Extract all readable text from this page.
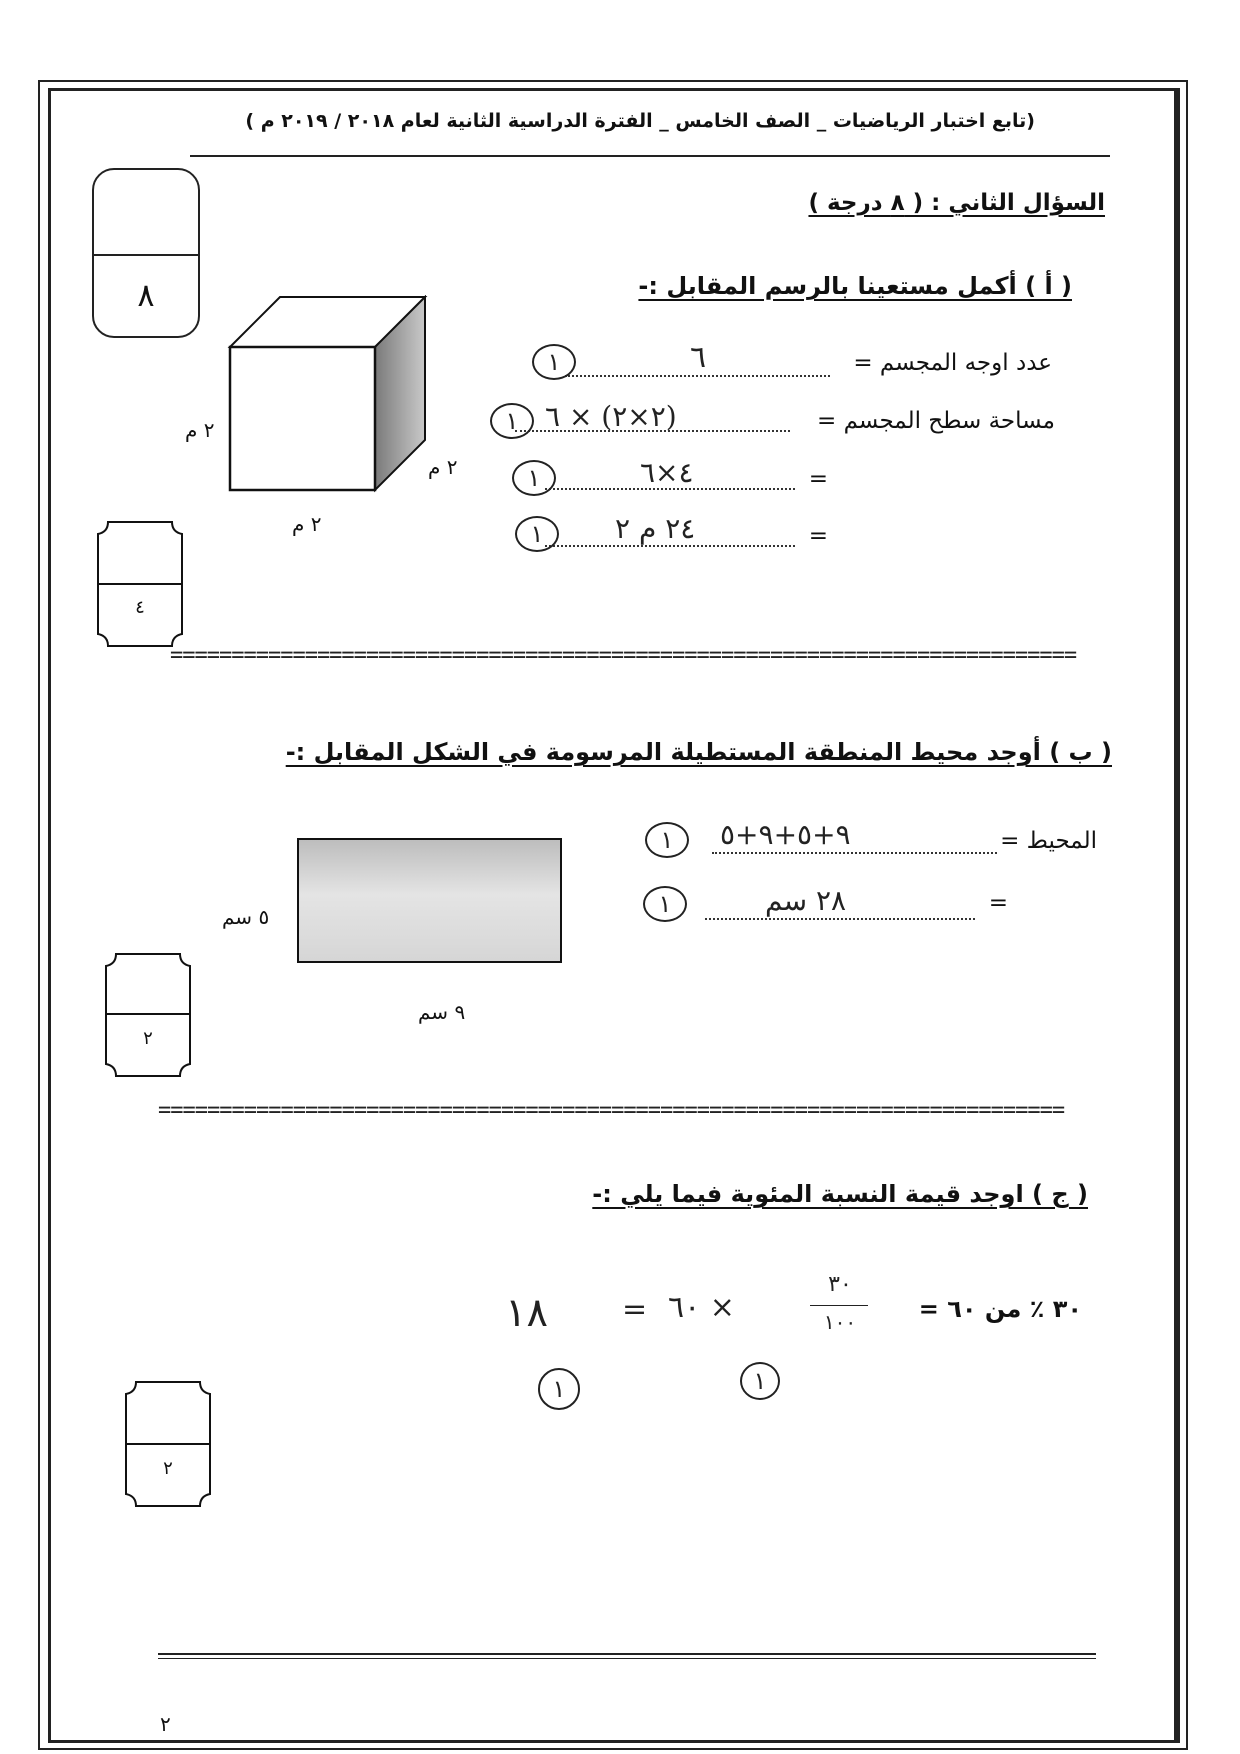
(تابع اختبار الرياضيات _ الصف الخامس _ الفترة الدراسية الثانية لعام ٢٠١٨ / ٢٠١٩ م )
السؤال الثاني : ( ٨ درجة )
٨	( أ ) أكمل مستعينا بالرسم المقابل :-
٢ م
٢ م
٢ م
عدد اوجه المجسم =
٦
١
مساحة سطح المجسم =
(٢×٢) × ٦
١
=
٤×٦
١
=
٢٤ م ٢
١
٤
==========================================================================
( ب ) أوجد محيط المنطقة المستطيلة المرسومة في الشكل المقابل :-
٥ سم
٩ سم
المحيط =
٩+٥+٩+٥
١
=
٢٨ سم
١
٢
==========================================================================
( ج ) اوجد قيمة النسبة المئوية فيما يلي :-
٣٠ ٪ من ٦٠ =
٣٠
١٠٠
× ٦٠
=
١٨
١	١
٢
٢
